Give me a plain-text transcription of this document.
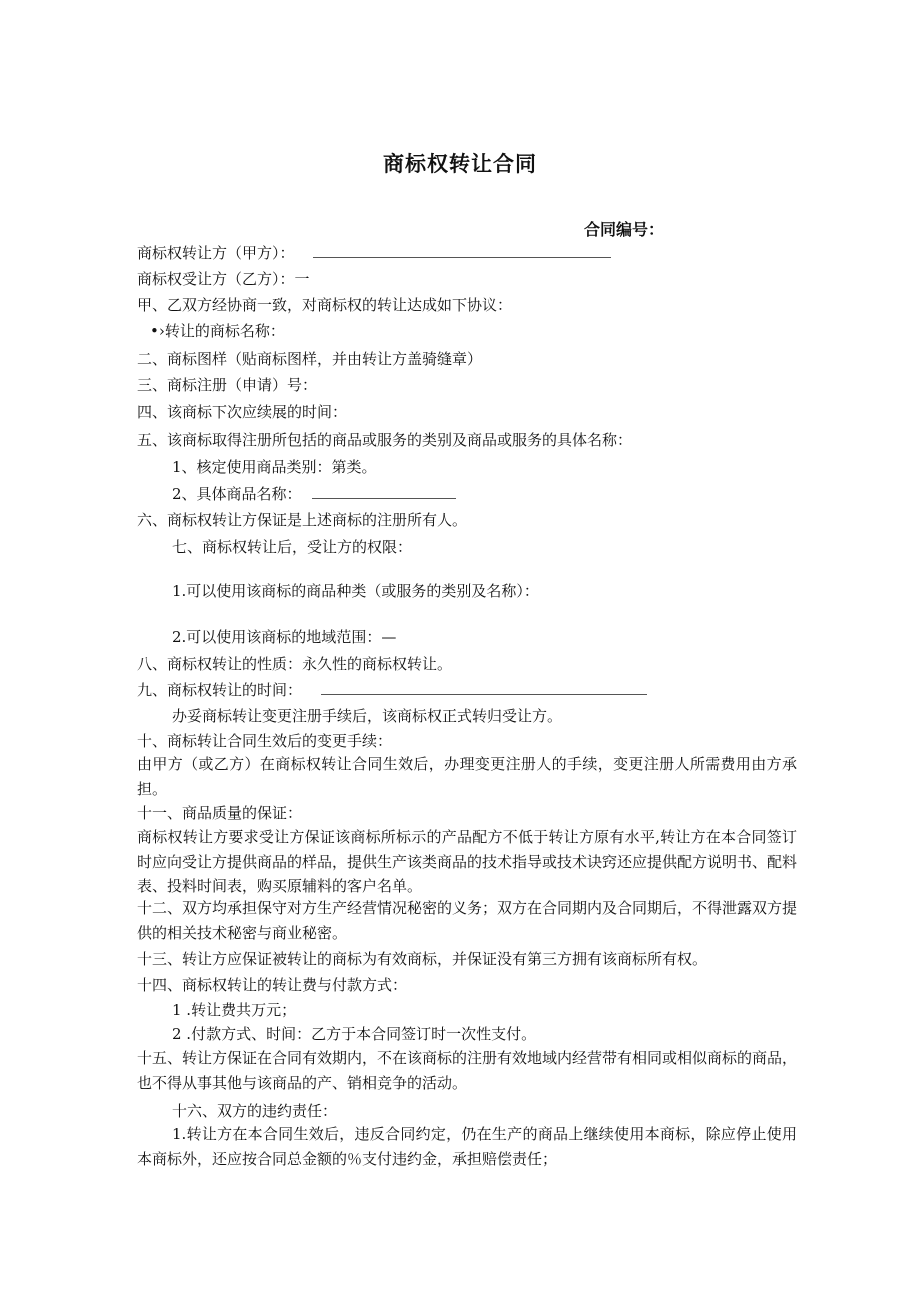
商标权转让合同
合同编号：
商标权转让方（甲方）：
商标权受让方（乙方）：一
甲、乙双方经协商一致，对商标权的转让达成如下协议：
•›转让的商标名称：
二、商标图样（贴商标图样，并由转让方盖骑缝章）
三、商标注册（申请）号：
四、该商标下次应续展的时间：
五、该商标取得注册所包括的商品或服务的类别及商品或服务的具体名称：
1、核定使用商品类别：第类。
2、具体商品名称：
六、商标权转让方保证是上述商标的注册所有人。
七、商标权转让后，受让方的权限：
1.可以使用该商标的商品种类（或服务的类别及名称）：
2.可以使用该商标的地域范围：—
八、商标权转让的性质：永久性的商标权转让。
九、商标权转让的时间：
办妥商标转让变更注册手续后，该商标权正式转归受让方。
十、商标转让合同生效后的变更手续：
由甲方（或乙方）在商标权转让合同生效后，办理变更注册人的手续，变更注册人所需费用由方承担。
十一、商品质量的保证：
商标权转让方要求受让方保证该商标所标示的产品配方不低于转让方原有水平,转让方在本合同签订时应向受让方提供商品的样品，提供生产该类商品的技术指导或技术诀窍还应提供配方说明书、配料表、投料时间表，购买原辅料的客户名单。
十二、双方均承担保守对方生产经营情况秘密的义务；双方在合同期内及合同期后，不得泄露双方提供的相关技术秘密与商业秘密。
十三、转让方应保证被转让的商标为有效商标，并保证没有第三方拥有该商标所有权。
十四、商标权转让的转让费与付款方式：
1 .转让费共万元；
2 .付款方式、时间：乙方于本合同签订时一次性支付。
十五、转让方保证在合同有效期内，不在该商标的注册有效地域内经营带有相同或相似商标的商品，也不得从事其他与该商品的产、销相竞争的活动。
十六、双方的违约责任：
1.转让方在本合同生效后，违反合同约定，仍在生产的商品上继续使用本商标，除应停止使用本商标外，还应按合同总金额的％支付违约金，承担赔偿责任；
